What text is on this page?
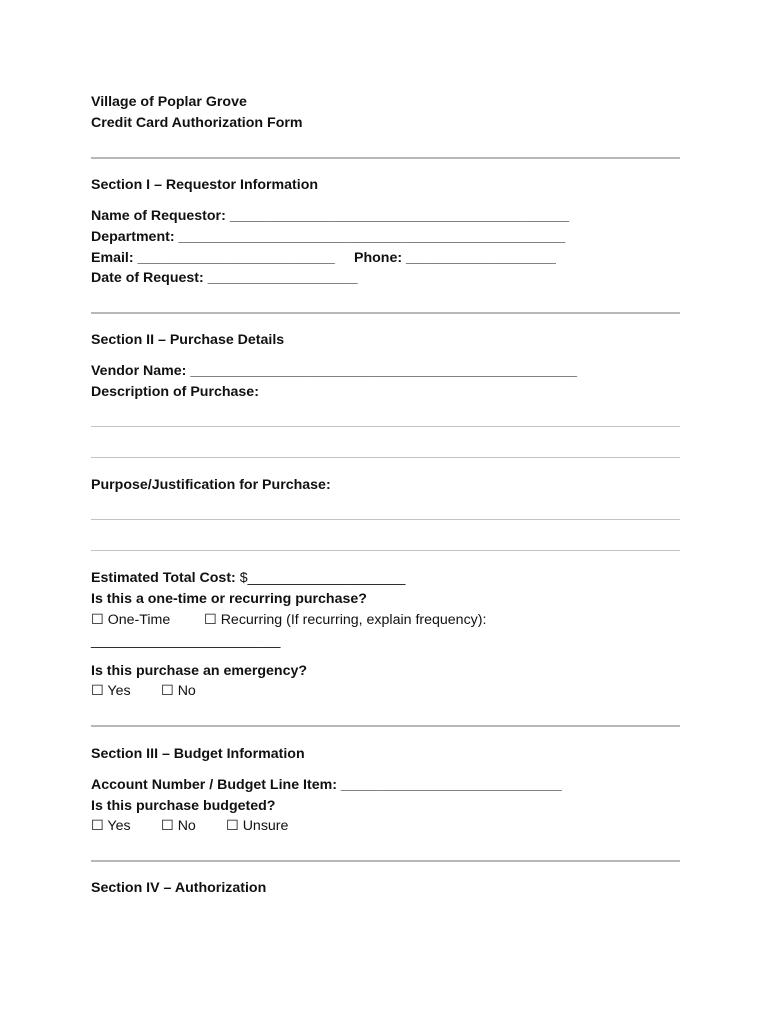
Village of Poplar Grove
Credit Card Authorization Form
Section I – Requestor Information
Name of Requestor: ___________________________________________
Department: _________________________________________________
Email: _________________________ Phone: ___________________
Date of Request: ___________________
Section II – Purchase Details
Vendor Name: _________________________________________________
Description of Purchase:
Purpose/Justification for Purchase:
Estimated Total Cost: $____________________
Is this a one-time or recurring purchase?
☐ One-Time ☐ Recurring (If recurring, explain frequency):
________________________
Is this purchase an emergency?
☐ Yes ☐ No
Section III – Budget Information
Account Number / Budget Line Item: ____________________________
Is this purchase budgeted?
☐ Yes ☐ No ☐ Unsure
Section IV – Authorization
